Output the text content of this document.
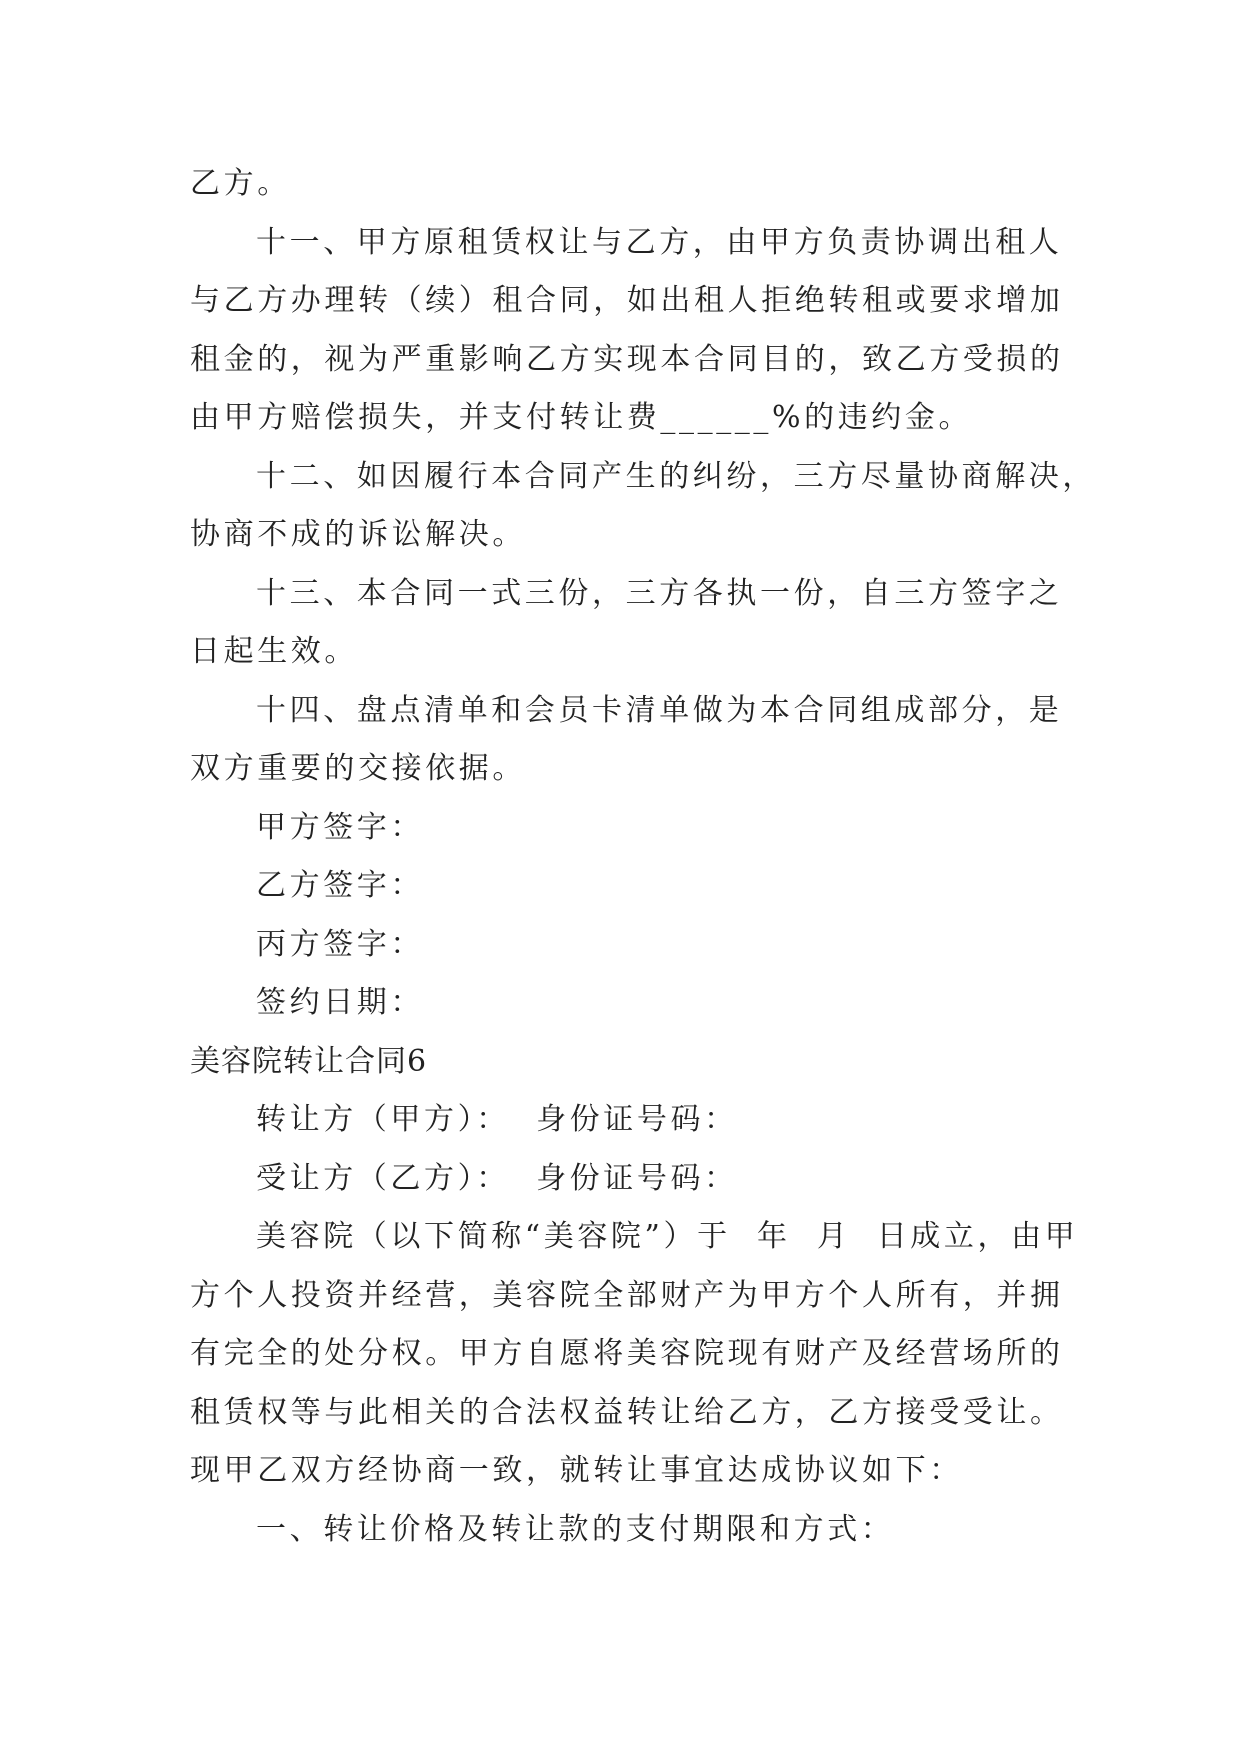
乙方。
十一、甲方原租赁权让与乙方，由甲方负责协调出租人
与乙方办理转（续）租合同，如出租人拒绝转租或要求增加
租金的，视为严重影响乙方实现本合同目的，致乙方受损的
由甲方赔偿损失，并支付转让费______%的违约金。
十二、如因履行本合同产生的纠纷，三方尽量协商解决，
协商不成的诉讼解决。
十三、本合同一式三份，三方各执一份，自三方签字之
日起生效。
十四、盘点清单和会员卡清单做为本合同组成部分，是
双方重要的交接依据。
甲方签字：
乙方签字：
丙方签字：
签约日期：
美容院转让合同6
转让方（甲方）：  身份证号码：
受让方（乙方）：  身份证号码：
美容院（以下简称“美容院”）于  年  月  日成立，由甲
方个人投资并经营，美容院全部财产为甲方个人所有，并拥
有完全的处分权。甲方自愿将美容院现有财产及经营场所的
租赁权等与此相关的合法权益转让给乙方，乙方接受受让。
现甲乙双方经协商一致，就转让事宜达成协议如下：
一、转让价格及转让款的支付期限和方式：
